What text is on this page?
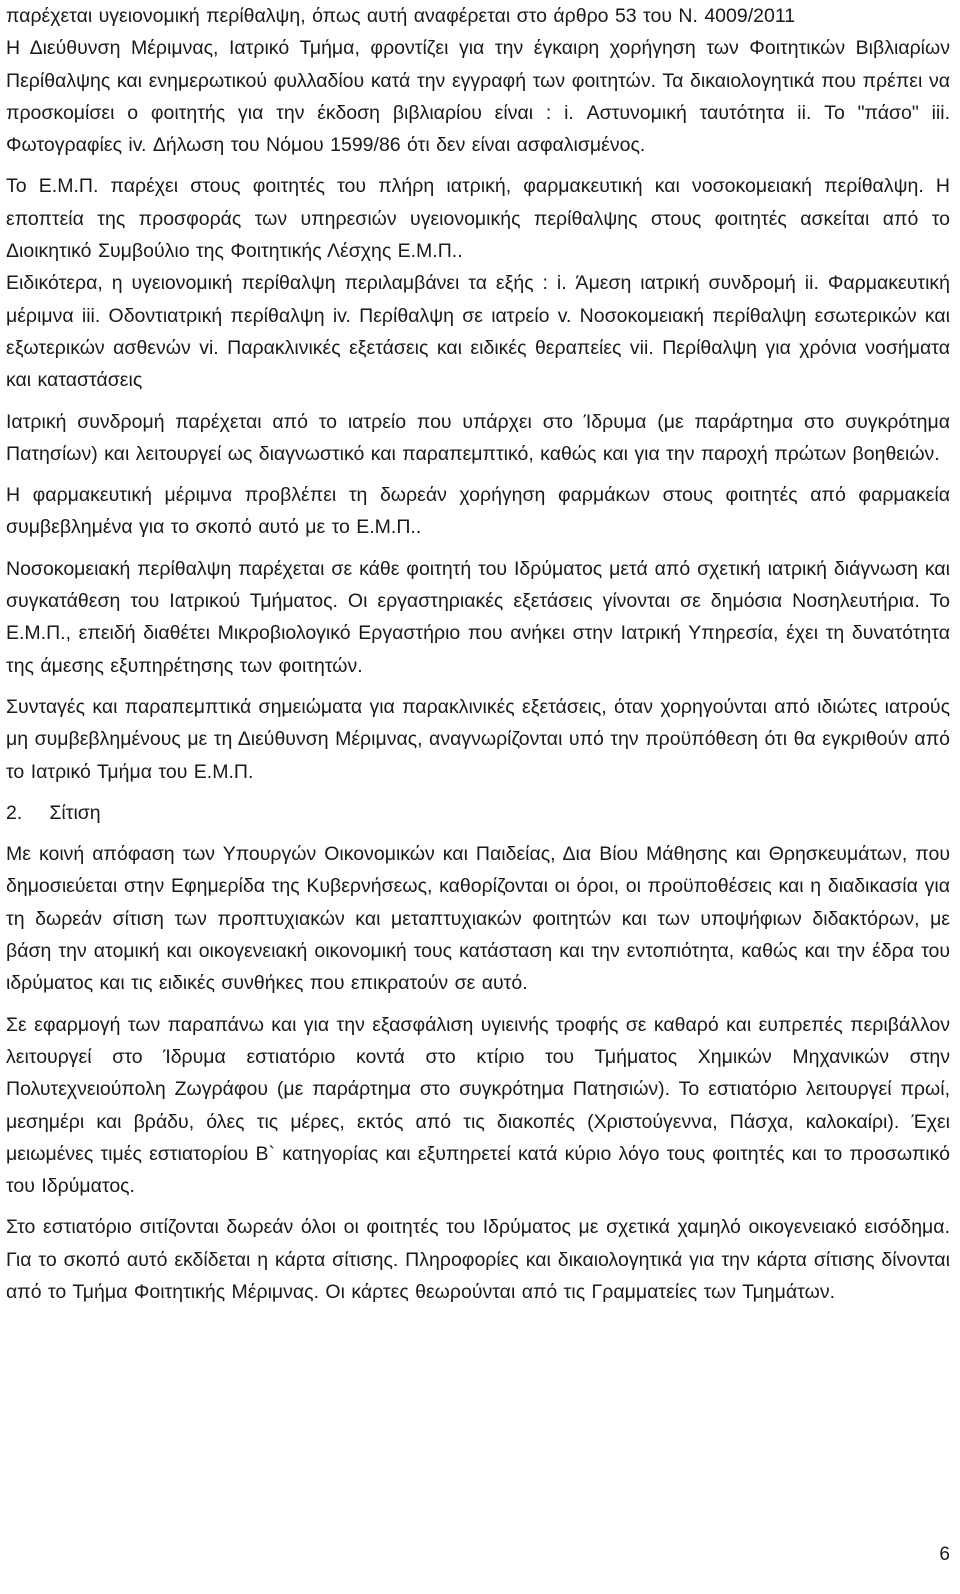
παρέχεται υγειονομική περίθαλψη, όπως αυτή αναφέρεται στο άρθρο 53 του Ν. 4009/2011

Η Διεύθυνση Μέριμνας, Ιατρικό Τμήμα, φροντίζει για την έγκαιρη χορήγηση των Φοιτητικών Βιβλιαρίων Περίθαλψης και ενημερωτικού φυλλαδίου κατά την εγγραφή των φοιτητών. Τα δικαιολογητικά που πρέπει να προσκομίσει ο φοιτητής για την έκδοση βιβλιαρίου είναι : i. Αστυνομική ταυτότητα ii. Το "πάσο" iii. Φωτογραφίες iv. Δήλωση του Νόμου 1599/86 ότι δεν είναι ασφαλισμένος.

Το Ε.Μ.Π. παρέχει στους φοιτητές του πλήρη ιατρική, φαρμακευτική και νοσοκομειακή περίθαλψη. Η εποπτεία της προσφοράς των υπηρεσιών υγειονομικής περίθαλψης στους φοιτητές ασκείται από το Διοικητικό Συμβούλιο της Φοιτητικής Λέσχης Ε.Μ.Π..

Ειδικότερα, η υγειονομική περίθαλψη περιλαμβάνει τα εξής : i. Άμεση ιατρική συνδρομή ii. Φαρμακευτική μέριμνα iii. Οδοντιατρική περίθαλψη iv. Περίθαλψη σε ιατρείο v. Νοσοκομειακή περίθαλψη εσωτερικών και εξωτερικών ασθενών vi. Παρακλινικές εξετάσεις και ειδικές θεραπείες vii. Περίθαλψη για χρόνια νοσήματα και καταστάσεις

Ιατρική συνδρομή παρέχεται από το ιατρείο που υπάρχει στο Ίδρυμα (με παράρτημα στο συγκρότημα Πατησίων) και λειτουργεί ως διαγνωστικό και παραπεμπτικό, καθώς και για την παροχή πρώτων βοηθειών.

Η φαρμακευτική μέριμνα προβλέπει τη δωρεάν χορήγηση φαρμάκων στους φοιτητές από φαρμακεία συμβεβλημένα για το σκοπό αυτό με το Ε.Μ.Π..

Νοσοκομειακή περίθαλψη παρέχεται σε κάθε φοιτητή του Ιδρύματος μετά από σχετική ιατρική διάγνωση και συγκατάθεση του Ιατρικού Τμήματος. Οι εργαστηριακές εξετάσεις γίνονται σε δημόσια Νοσηλευτήρια. Το Ε.Μ.Π., επειδή διαθέτει Μικροβιολογικό Εργαστήριο που ανήκει στην Ιατρική Υπηρεσία, έχει τη δυνατότητα της άμεσης εξυπηρέτησης των φοιτητών.

Συνταγές και παραπεμπτικά σημειώματα για παρακλινικές εξετάσεις, όταν χορηγούνται από ιδιώτες ιατρούς μη συμβεβλημένους με τη Διεύθυνση Μέριμνας, αναγνωρίζονται υπό την προϋπόθεση ότι θα εγκριθούν από το Ιατρικό Τμήμα του Ε.Μ.Π.

2.     Σίτιση

Με κοινή απόφαση των Υπουργών Οικονομικών και Παιδείας, Δια Βίου Μάθησης και Θρησκευμάτων, που δημοσιεύεται στην Εφημερίδα της Κυβερνήσεως, καθορίζονται οι όροι, οι προϋποθέσεις και η διαδικασία για τη δωρεάν σίτιση των προπτυχιακών και μεταπτυχιακών φοιτητών και των υποψήφιων διδακτόρων, με βάση την ατομική και οικογενειακή οικονομική τους κατάσταση και την εντοπιότητα, καθώς και την έδρα του ιδρύματος και τις ειδικές συνθήκες που επικρατούν σε αυτό.

Σε εφαρμογή των παραπάνω και για την εξασφάλιση υγιεινής τροφής σε καθαρό και ευπρεπές περιβάλλον λειτουργεί στο Ίδρυμα εστιατόριο κοντά στο κτίριο του Τμήματος Χημικών Μηχανικών στην Πολυτεχνειούπολη Ζωγράφου (με παράρτημα στο συγκρότημα Πατησιών). Το εστιατόριο λειτουργεί πρωί, μεσημέρι και βράδυ, όλες τις μέρες, εκτός από τις διακοπές (Χριστούγεννα, Πάσχα, καλοκαίρι). Έχει μειωμένες τιμές εστιατορίου Β` κατηγορίας και εξυπηρετεί κατά κύριο λόγο τους φοιτητές και το προσωπικό του Ιδρύματος.

Στο εστιατόριο σιτίζονται δωρεάν όλοι οι φοιτητές του Ιδρύματος με σχετικά χαμηλό οικογενειακό εισόδημα. Για το σκοπό αυτό εκδίδεται η κάρτα σίτισης. Πληροφορίες και δικαιολογητικά για την κάρτα σίτισης δίνονται από το Τμήμα Φοιτητικής Μέριμνας. Οι κάρτες θεωρούνται από τις Γραμματείες των Τμημάτων.

6
